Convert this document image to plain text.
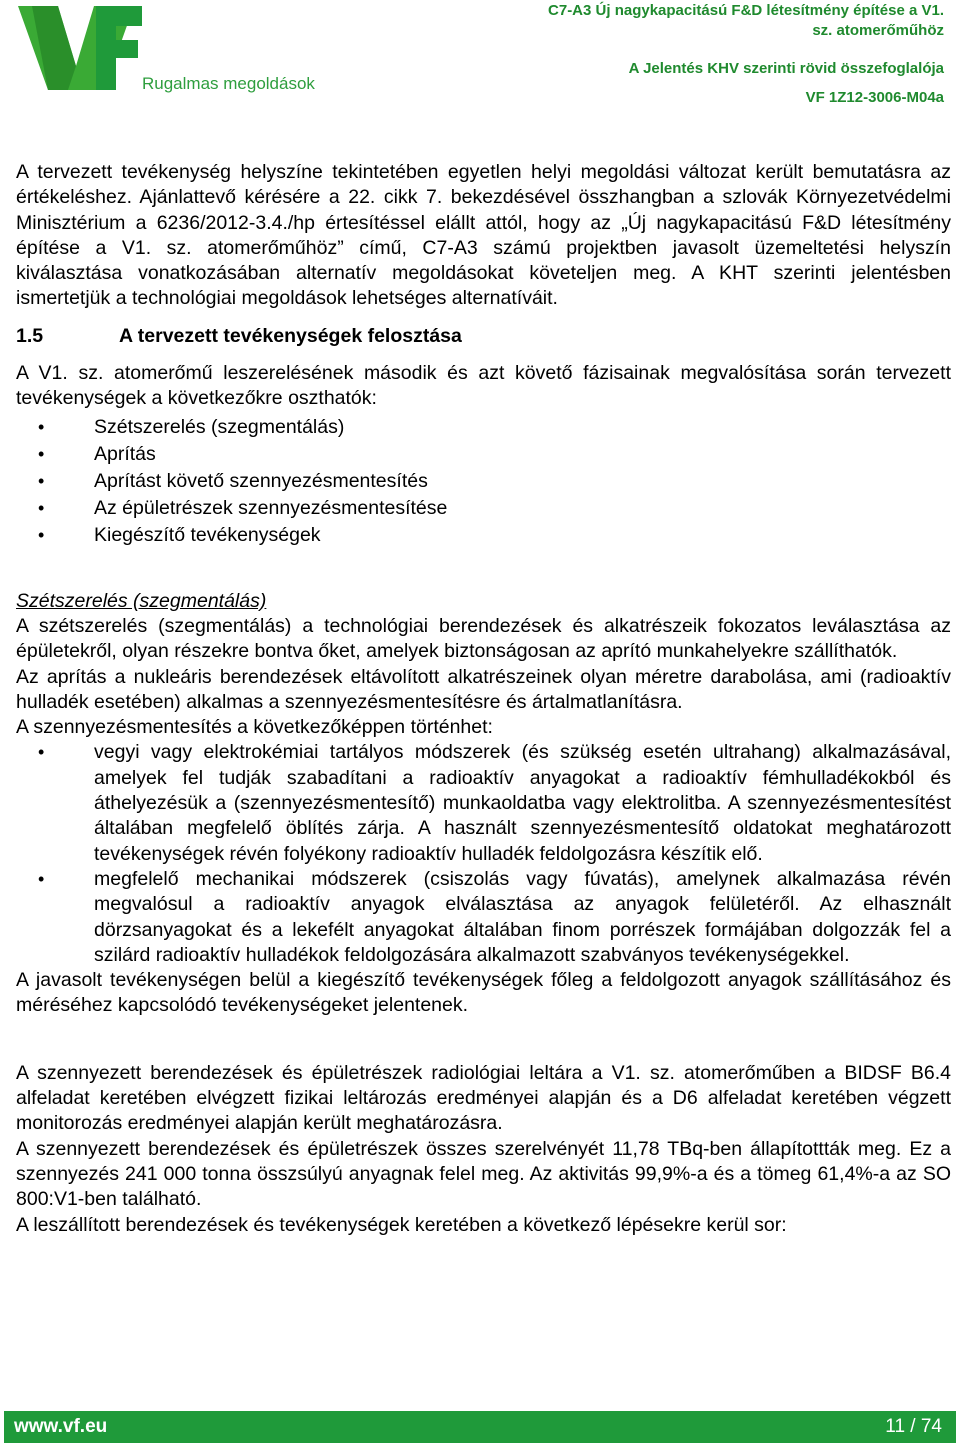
Rugalmas megoldások
C7-A3 Új nagykapacitású F&D létesítmény építése a V1.
sz. atomerőműhöz
A Jelentés KHV szerinti rövid összefoglalója
VF 1Z12-3006-M04a

A tervezett tevékenység helyszíne tekintetében egyetlen helyi megoldási változat került bemutatásra az értékeléshez. Ajánlattevő kérésére a 22. cikk 7. bekezdésével összhangban a szlovák Környezetvédelmi Minisztérium a 6236/2012-3.4./hp értesítéssel elállt attól, hogy az „Új nagykapacitású F&D létesítmény építése a V1. sz. atomerőműhöz” című, C7-A3 számú projektben javasolt üzemeltetési helyszín kiválasztása vonatkozásában alternatív megoldásokat követeljen meg. A KHT szerinti jelentésben ismertetjük a technológiai megoldások lehetséges alternatíváit.

1.5	A tervezett tevékenységek felosztása

A V1. sz. atomerőmű leszerelésének második és azt követő fázisainak megvalósítása során tervezett tevékenységek a következőkre oszthatók:

• Szétszerelés (szegmentálás)
• Aprítás
• Aprítást követő szennyezésmentesítés
• Az épületrészek szennyezésmentesítése
• Kiegészítő tevékenységek

Szétszerelés (szegmentálás)

A szétszerelés (szegmentálás) a technológiai berendezések és alkatrészeik fokozatos leválasztása az épületekről, olyan részekre bontva őket, amelyek biztonságosan az aprító munkahelyekre szállíthatók.

Az aprítás a nukleáris berendezések eltávolított alkatrészeinek olyan méretre darabolása, ami (radioaktív hulladék esetében) alkalmas a szennyezésmentesítésre és ártalmatlanításra.

A szennyezésmentesítés a következőképpen történhet:

• vegyi vagy elektrokémiai tartályos módszerek (és szükség esetén ultrahang) alkalmazásával, amelyek fel tudják szabadítani a radioaktív anyagokat a radioaktív fémhulladékokból és áthelyezésük a (szennyezésmentesítő) munkaoldatba vagy elektrolitba. A szennyezésmentesítést általában megfelelő öblítés zárja. A használt szennyezésmentesítő oldatokat meghatározott tevékenységek révén folyékony radioaktív hulladék feldolgozásra készítik elő.
• megfelelő mechanikai módszerek (csiszolás vagy fúvatás), amelynek alkalmazása révén megvalósul a radioaktív anyagok elválasztása az anyagok felületéről. Az elhasznált dörzsanyagokat és a lekefélt anyagokat általában finom porrészek formájában dolgozzák fel a szilárd radioaktív hulladékok feldolgozására alkalmazott szabványos tevékenységekkel.

A javasolt tevékenységen belül a kiegészítő tevékenységek főleg a feldolgozott anyagok szállításához és méréséhez kapcsolódó tevékenységeket jelentenek.

A szennyezett berendezések és épületrészek radiológiai leltára a V1. sz. atomerőműben a BIDSF B6.4 alfeladat keretében elvégzett fizikai leltározás eredményei alapján és a D6 alfeladat keretében végzett monitorozás eredményei alapján került meghatározásra.

A szennyezett berendezések és épületrészek összes szerelvényét 11,78 TBq-ben állapítottták meg. Ez a szennyezés 241 000 tonna összsúlyú anyagnak felel meg. Az aktivitás 99,9%-a és a tömeg 61,4%-a az SO 800:V1-ben található.

A leszállított berendezések és tevékenységek keretében a következő lépésekre kerül sor:

www.vf.eu	11 / 74
